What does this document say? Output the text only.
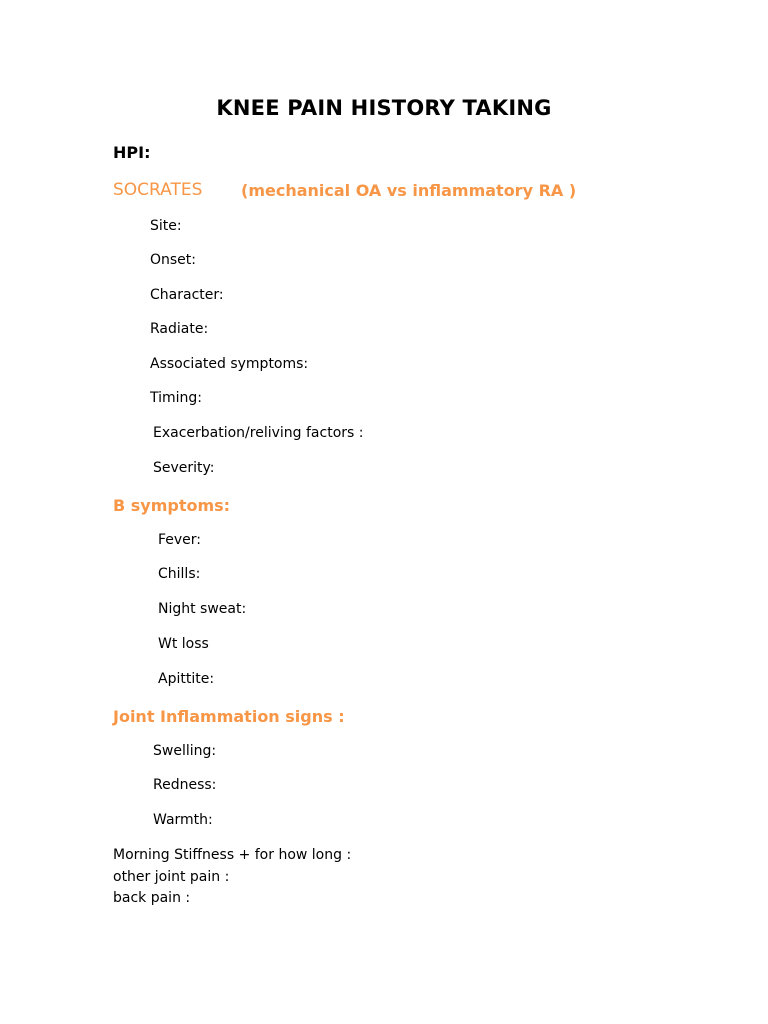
KNEE PAIN HISTORY TAKING
HPI:
SOCRATES (mechanical OA vs inflammatory RA )
Site:
Onset:
Character:
Radiate:
Associated symptoms:
Timing:
Exacerbation/reliving factors :
Severity:
B symptoms:
Fever:
Chills:
Night sweat:
Wt loss
Apittite:
Joint Inflammation signs :
Swelling:
Redness:
Warmth:
Morning Stiffness + for how long :
other joint pain :
back pain :
